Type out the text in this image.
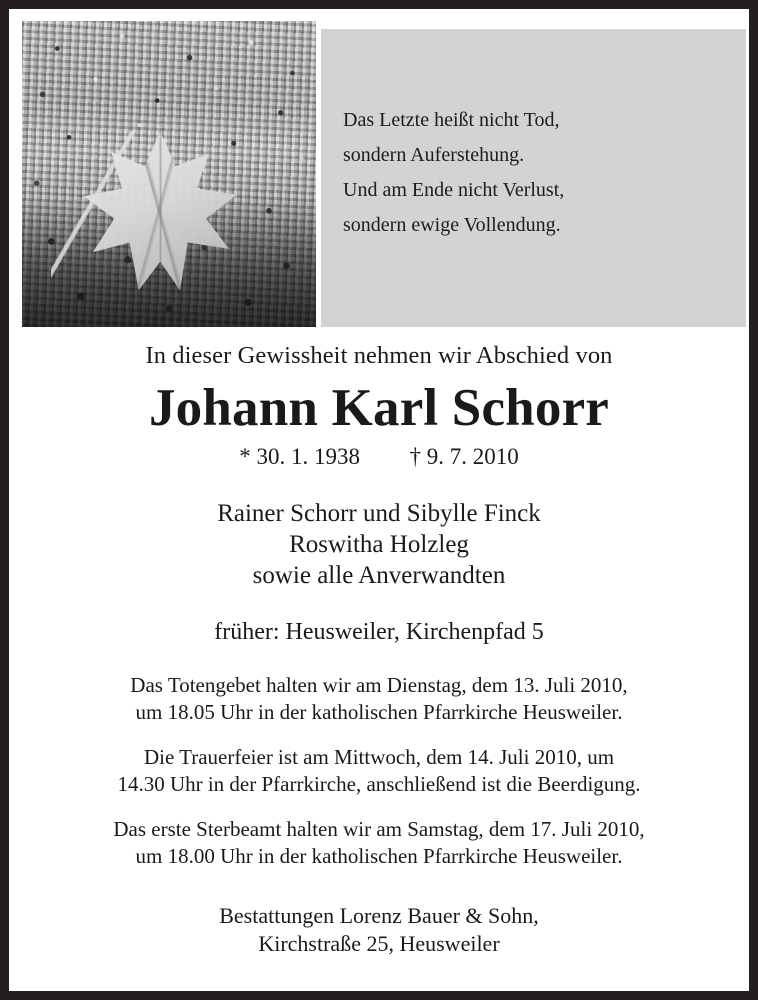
Das Letzte heißt nicht Tod,
sondern Auferstehung.
Und am Ende nicht Verlust,
sondern ewige Vollendung.
In dieser Gewissheit nehmen wir Abschied von
Johann Karl Schorr
* 30. 1. 1938 † 9. 7. 2010
Rainer Schorr und Sibylle Finck
Roswitha Holzleg
sowie alle Anverwandten
früher: Heusweiler, Kirchenpfad 5
Das Totengebet halten wir am Dienstag, dem 13. Juli 2010,
um 18.05 Uhr in der katholischen Pfarrkirche Heusweiler.
Die Trauerfeier ist am Mittwoch, dem 14. Juli 2010, um
14.30 Uhr in der Pfarrkirche, anschließend ist die Beerdigung.
Das erste Sterbeamt halten wir am Samstag, dem 17. Juli 2010,
um 18.00 Uhr in der katholischen Pfarrkirche Heusweiler.
Bestattungen Lorenz Bauer & Sohn,
Kirchstraße 25, Heusweiler
